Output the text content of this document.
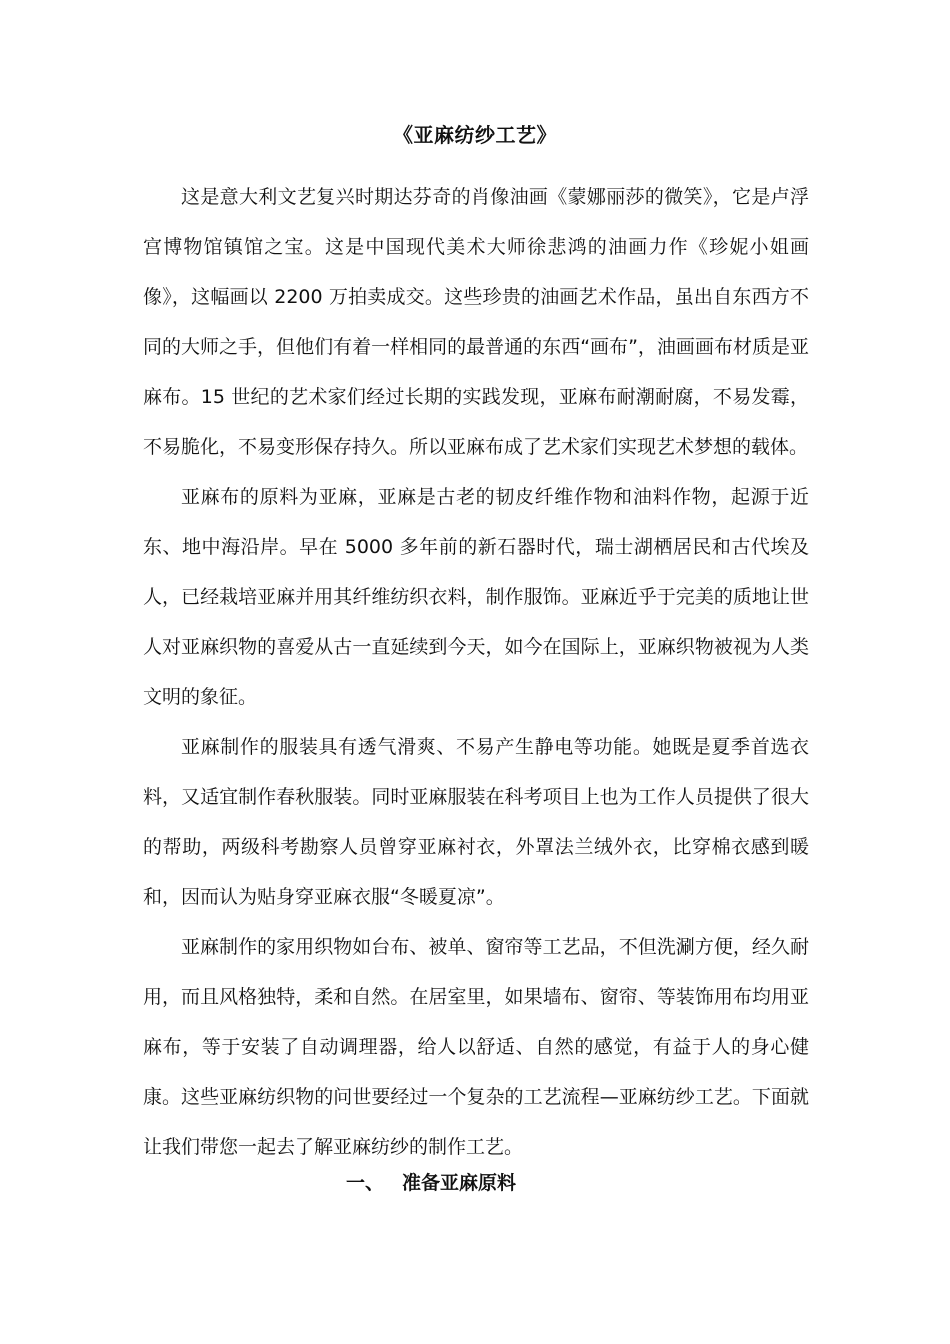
《亚麻纺纱工艺》

这是意大利文艺复兴时期达芬奇的肖像油画《蒙娜丽莎的微笑》，它是卢浮宫博物馆镇馆之宝。这是中国现代美术大师徐悲鸿的油画力作《珍妮小姐画像》，这幅画以 2200 万拍卖成交。这些珍贵的油画艺术作品，虽出自东西方不同的大师之手，但他们有着一样相同的最普通的东西“画布”，油画画布材质是亚麻布。15 世纪的艺术家们经过长期的实践发现，亚麻布耐潮耐腐，不易发霉，不易脆化，不易变形保存持久。所以亚麻布成了艺术家们实现艺术梦想的载体。

亚麻布的原料为亚麻，亚麻是古老的韧皮纤维作物和油料作物，起源于近东、地中海沿岸。早在 5000 多年前的新石器时代，瑞士湖栖居民和古代埃及人，已经栽培亚麻并用其纤维纺织衣料，制作服饰。亚麻近乎于完美的质地让世人对亚麻织物的喜爱从古一直延续到今天，如今在国际上，亚麻织物被视为人类文明的象征。

亚麻制作的服装具有透气滑爽、不易产生静电等功能。她既是夏季首选衣料，又适宜制作春秋服装。同时亚麻服装在科考项目上也为工作人员提供了很大的帮助，两级科考勘察人员曾穿亚麻衬衣，外罩法兰绒外衣，比穿棉衣感到暖和，因而认为贴身穿亚麻衣服“冬暖夏凉”。

亚麻制作的家用织物如台布、被单、窗帘等工艺品，不但洗涮方便，经久耐用，而且风格独特，柔和自然。在居室里，如果墙布、窗帘、等装饰用布均用亚麻布，等于安装了自动调理器，给人以舒适、自然的感觉，有益于人的身心健康。这些亚麻纺织物的问世要经过一个复杂的工艺流程—亚麻纺纱工艺。下面就让我们带您一起去了解亚麻纺纱的制作工艺。

一、 准备亚麻原料
